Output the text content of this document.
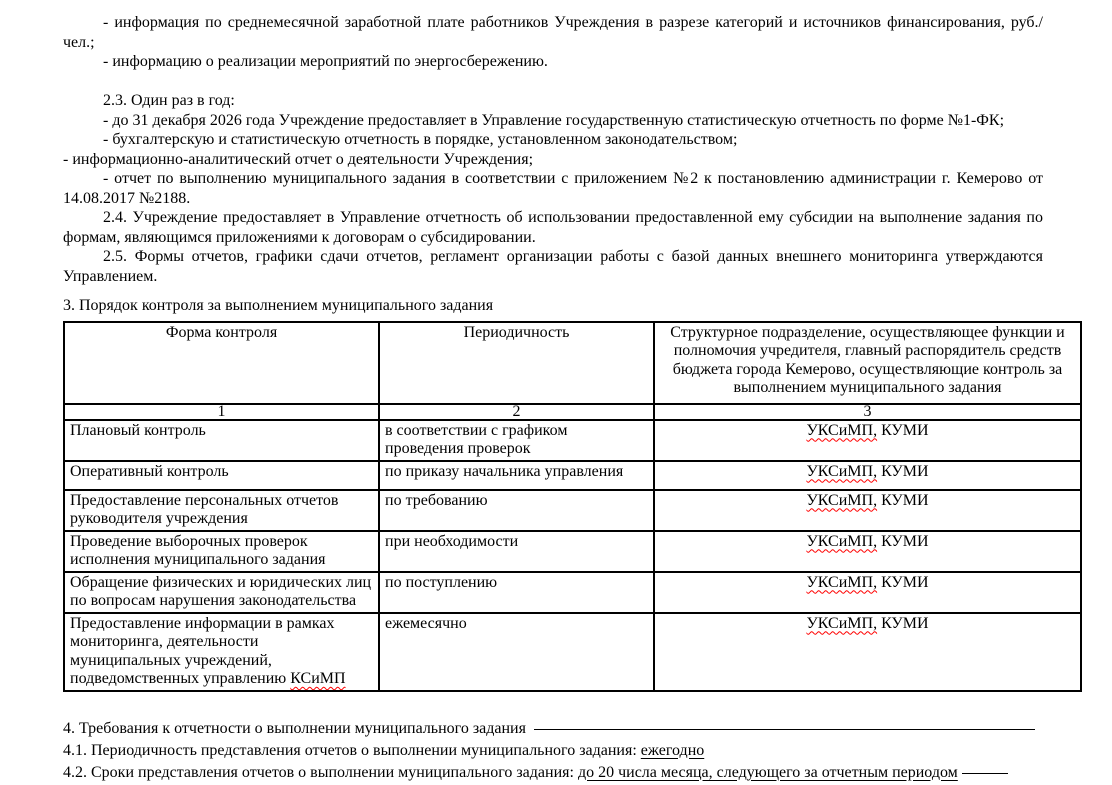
- информация по среднемесячной заработной плате работников Учреждения в разрезе категорий и источников финансирования, руб./чел.;

- информацию о реализации мероприятий по энергосбережению.

2.3. Один раз в год:

- до 31 декабря 2026 года Учреждение предоставляет в Управление государственную статистическую отчетность по форме №1-ФК;

- бухгалтерскую и статистическую отчетность в порядке, установленном законодательством;

- информационно-аналитический отчет о деятельности Учреждения;

- отчет по выполнению муниципального задания в соответствии с приложением №2 к постановлению администрации г. Кемерово от 14.08.2017 №2188.

2.4. Учреждение предоставляет в Управление отчетность об использовании предоставленной ему субсидии на выполнение задания по формам, являющимся приложениями к договорам о субсидировании.

2.5. Формы отчетов, графики сдачи отчетов, регламент организации работы с базой данных внешнего мониторинга утверждаются Управлением.

3. Порядок контроля за выполнением муниципального задания

Форма контроля	Периодичность	Структурное подразделение, осуществляющее функции и полномочия учредителя, главный распорядитель средств бюджета города Кемерово, осуществляющие контроль за выполнением муниципального задания
1	2	3
Плановый контроль	в соответствии с графиком проведения проверок	УКСиМП, КУМИ
Оперативный контроль	по приказу начальника управления	УКСиМП, КУМИ
Предоставление персональных отчетов руководителя учреждения	по требованию	УКСиМП, КУМИ
Проведение выборочных проверок исполнения муниципального задания	при необходимости	УКСиМП, КУМИ
Обращение физических и юридических лиц по вопросам нарушения законодательства	по поступлению	УКСиМП, КУМИ
Предоставление информации в рамках мониторинга, деятельности муниципальных учреждений, подведомственных управлению КСиМП	ежемесячно	УКСиМП, КУМИ

4. Требования к отчетности о выполнении муниципального задания

4.1. Периодичность представления отчетов о выполнении муниципального задания: ежегодно

4.2. Сроки представления отчетов о выполнении муниципального задания: до 20 числа месяца, следующего за отчетным периодом
